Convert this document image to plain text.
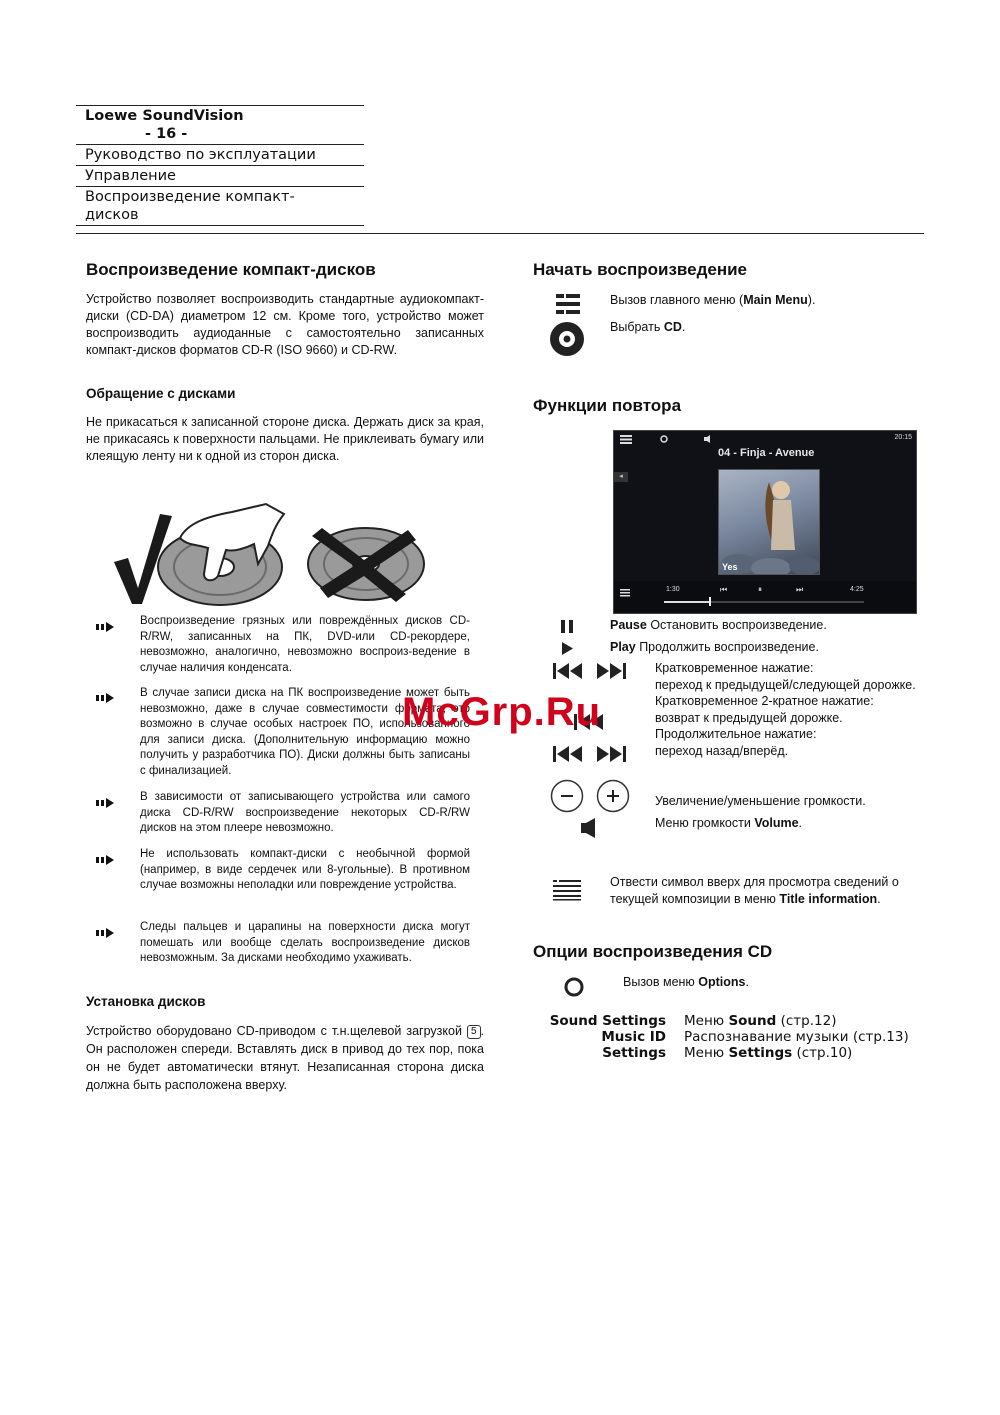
Loewe SoundVision
- 16 -
Руководство по эксплуатации
Управление
Воспроизведение компакт-
дисков
Воспроизведение компакт-дисков
Устройство позволяет воспроизводить стандартные аудиокомпакт-диски (CD-DA) диаметром 12 см. Кроме того, устройство может воспроизводить аудиоданные с самостоятельно записанных компакт-дисков форматов CD-R (ISO 9660) и CD-RW.
Обращение с дисками
Не прикасаться к записанной стороне диска. Держать диск за края, не прикасаясь к поверхности пальцами. Не приклеивать бумагу или клеящую ленту ни к одной из сторон диска.
Воспроизведение грязных или повреждённых дисков CD-R/RW, записанных на ПК, DVD-или CD-рекордере, невозможно, аналогично, невозможно воспроиз-ведение в случае наличия конденсата.
В случае записи диска на ПК воспроизведение может быть невозможно, даже в случае совместимости формата, это возможно в случае особых настроек ПО, использованного для записи диска. (Дополнительную информацию можно получить у разработчика ПО). Диски должны быть записаны с финализацией.
В зависимости от записывающего устройства или самого диска CD-R/RW воспроизведение некоторых CD-R/RW дисков на этом плеере невозможно.
Не использовать компакт-диски с необычной формой (например, в виде сердечек или 8-угольные). В противном случае возможны неполадки или повреждение устройства.
Следы пальцев и царапины на поверхности диска могут помешать или вообще сделать воспроизведение дисков невозможным. За дисками необходимо ухаживать.
Установка дисков
Устройство оборудовано CD-приводом с т.н.щелевой загрузкой 5 . Он расположен спереди. Вставлять диск в привод до тех пор, пока он не будет автоматически втянут. Незаписанная сторона диска должна быть расположена вверху.
Начать воспроизведение
Вызов главного меню (Main Menu).
Выбрать CD.
Функции повтора
20:15
04 - Finja - Avenue
◂
Yes
1:30	⏮	⏸	⏭	4:25
Pause Остановить воспроизведение.
Play Продолжить воспроизведение.
Кратковременное нажатие:
переход к предыдущей/следующей дорожке.
Кратковременное 2-кратное нажатие:
возврат к предыдущей дорожке.
Продолжительное нажатие:
переход назад/вперёд.
Увеличение/уменьшение громкости.
Меню громкости Volume.
Отвести символ вверх для просмотра сведений о текущей композиции в меню Title information.
Опции воспроизведения CD
Вызов меню Options.
Sound Settings Меню Sound (стр.12)
Music ID Распознавание музыки (стр.13)
Settings Меню Settings (стр.10)
McGrp.Ru
